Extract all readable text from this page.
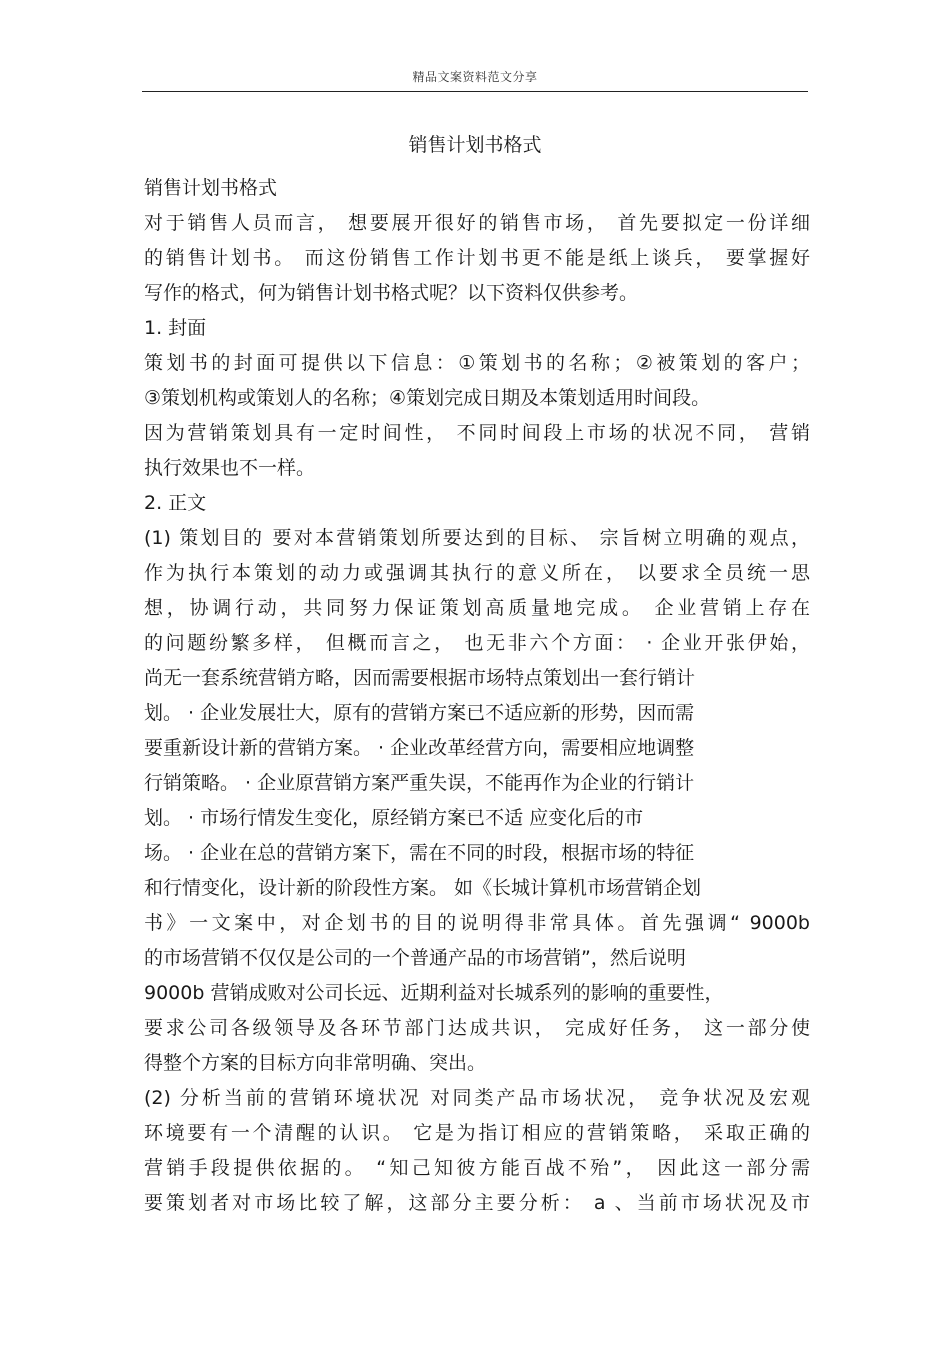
精品文案资料范文分享
销售计划书格式
销售计划书格式
对于销售人员而言， 想要展开很好的销售市场， 首先要拟定一份详细
的销售计划书。 而这份销售工作计划书更不能是纸上谈兵， 要掌握好
写作的格式，何为销售计划书格式呢？以下资料仅供参考。
1. 封面
策划书的封面可提供以下信息：①策划书的名称；②被策划的客户；
③策划机构或策划人的名称；④策划完成日期及本策划适用时间段。
因为营销策划具有一定时间性， 不同时间段上市场的状况不同， 营销
执行效果也不一样。
2. 正文
(1) 策划目的 要对本营销策划所要达到的目标、 宗旨树立明确的观点，
作为执行本策划的动力或强调其执行的意义所在， 以要求全员统一思
想，协调行动，共同努力保证策划高质量地完成。 企业营销上存在
的问题纷繁多样， 但概而言之， 也无非六个方面： · 企业开张伊始，
尚无一套系统营销方略，因而需要根据市场特点策划出一套行销计
划。 · 企业发展壮大，原有的营销方案已不适应新的形势，因而需
要重新设计新的营销方案。 · 企业改革经营方向，需要相应地调整
行销策略。 · 企业原营销方案严重失误，不能再作为企业的行销计
划。 · 市场行情发生变化，原经销方案已不适 应变化后的市
场。 · 企业在总的营销方案下，需在不同的时段，根据市场的特征
和行情变化，设计新的阶段性方案。 如《长城计算机市场营销企划
书》一文案中，对企划书的目的说明得非常具体。首先强调“ 9000b
的市场营销不仅仅是公司的一个普通产品的市场营销”，然后说明
9000b 营销成败对公司长远、近期利益对长城系列的影响的重要性，
要求公司各级领导及各环节部门达成共识， 完成好任务， 这一部分使
得整个方案的目标方向非常明确、突出。
(2) 分析当前的营销环境状况 对同类产品市场状况， 竞争状况及宏观
环境要有一个清醒的认识。 它是为指订相应的营销策略， 采取正确的
营销手段提供依据的。 “知己知彼方能百战不殆”， 因此这一部分需
要策划者对市场比较了解，这部分主要分析： a 、当前市场状况及市
